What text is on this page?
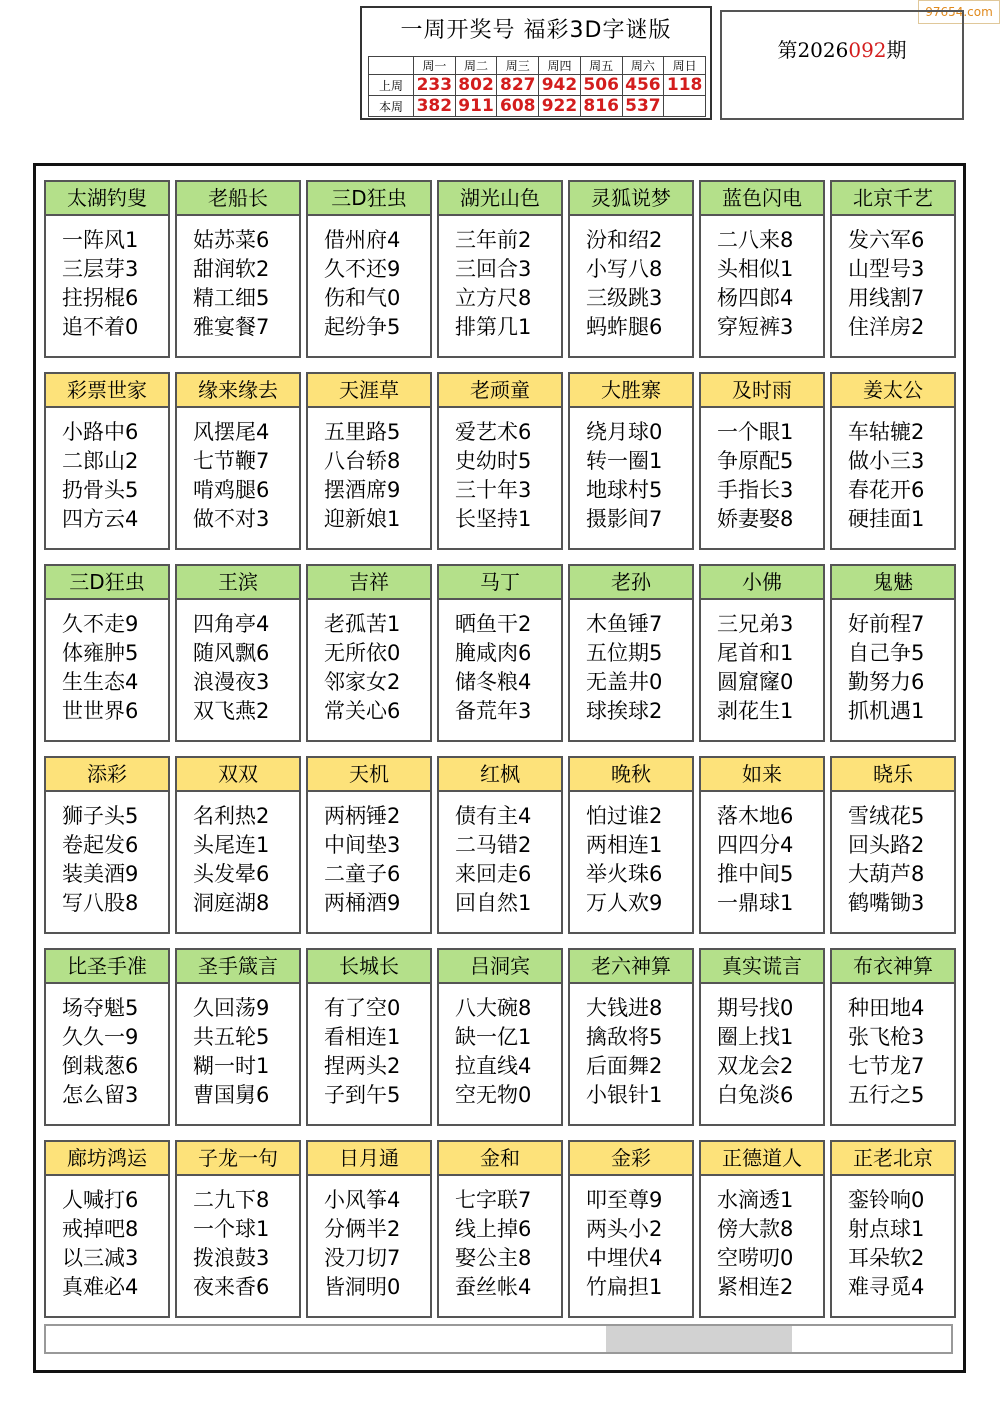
97654.com
一周开奖号 福彩3D字谜版
	周一	周二	周三	周四	周五	周六	周日
上周	233	802	827	942	506	456	118
本周	382	911	608	922	816	537	
第2026092期
太湖钓叟
一阵风1
三层芽3
拄拐棍6
追不着0
老船长
姑苏菜6
甜润软2
精工细5
雅宴餐7
三D狂虫
借州府4
久不还9
伤和气0
起纷争5
湖光山色
三年前2
三回合3
立方尺8
排第几1
灵狐说梦
汾和绍2
小写八8
三级跳3
蚂蚱腿6
蓝色闪电
二八来8
头相似1
杨四郎4
穿短裤3
北京千艺
发六军6
山型号3
用线割7
住洋房2
彩票世家
小路中6
二郎山2
扔骨头5
四方云4
缘来缘去
风摆尾4
七节鞭7
啃鸡腿6
做不对3
天涯草
五里路5
八台轿8
摆酒席9
迎新娘1
老顽童
爱艺术6
史幼时5
三十年3
长坚持1
大胜寨
绕月球0
转一圈1
地球村5
摄影间7
及时雨
一个眼1
争原配5
手指长3
娇妻娶8
姜太公
车轱辘2
做小三3
春花开6
硬挂面1
三D狂虫
久不走9
体雍肿5
生生态4
世世界6
王滨
四角亭4
随风飘6
浪漫夜3
双飞燕2
吉祥
老孤苦1
无所依0
邻家女2
常关心6
马丁
晒鱼干2
腌咸肉6
储冬粮4
备荒年3
老孙
木鱼锤7
五位期5
无盖井0
球挨球2
小佛
三兄弟3
尾首和1
圆窟窿0
剥花生1
鬼魅
好前程7
自己争5
勤努力6
抓机遇1
添彩
狮子头5
卷起发6
装美酒9
写八股8
双双
名利热2
头尾连1
头发晕6
洞庭湖8
天机
两柄锤2
中间垫3
二童子6
两桶酒9
红枫
债有主4
二马错2
来回走6
回自然1
晚秋
怕过谁2
两相连1
举火珠6
万人欢9
如来
落木地6
四四分4
推中间5
一鼎球1
晓乐
雪绒花5
回头路2
大葫芦8
鹤嘴锄3
比圣手准
场夺魁5
久久一9
倒栽葱6
怎么留3
圣手箴言
久回荡9
共五轮5
糊一时1
曹国舅6
长城长
有了空0
看相连1
捏两头2
子到午5
吕洞宾
八大碗8
缺一亿1
拉直线4
空无物0
老六神算
大钱进8
擒敌将5
后面舞2
小银针1
真实谎言
期号找0
圈上找1
双龙会2
白兔淡6
布衣神算
种田地4
张飞枪3
七节龙7
五行之5
廊坊鸿运
人喊打6
戒掉吧8
以三减3
真难必4
子龙一句
二九下8
一个球1
拨浪鼓3
夜来香6
日月通
小风筝4
分俩半2
没刀切7
皆洞明0
金和
七字联7
线上掉6
娶公主8
蚕丝帐4
金彩
叩至尊9
两头小2
中埋伏4
竹扁担1
正德道人
水滴透1
傍大款8
空唠叨0
紧相连2
正老北京
銮铃响0
射点球1
耳朵软2
难寻觅4
